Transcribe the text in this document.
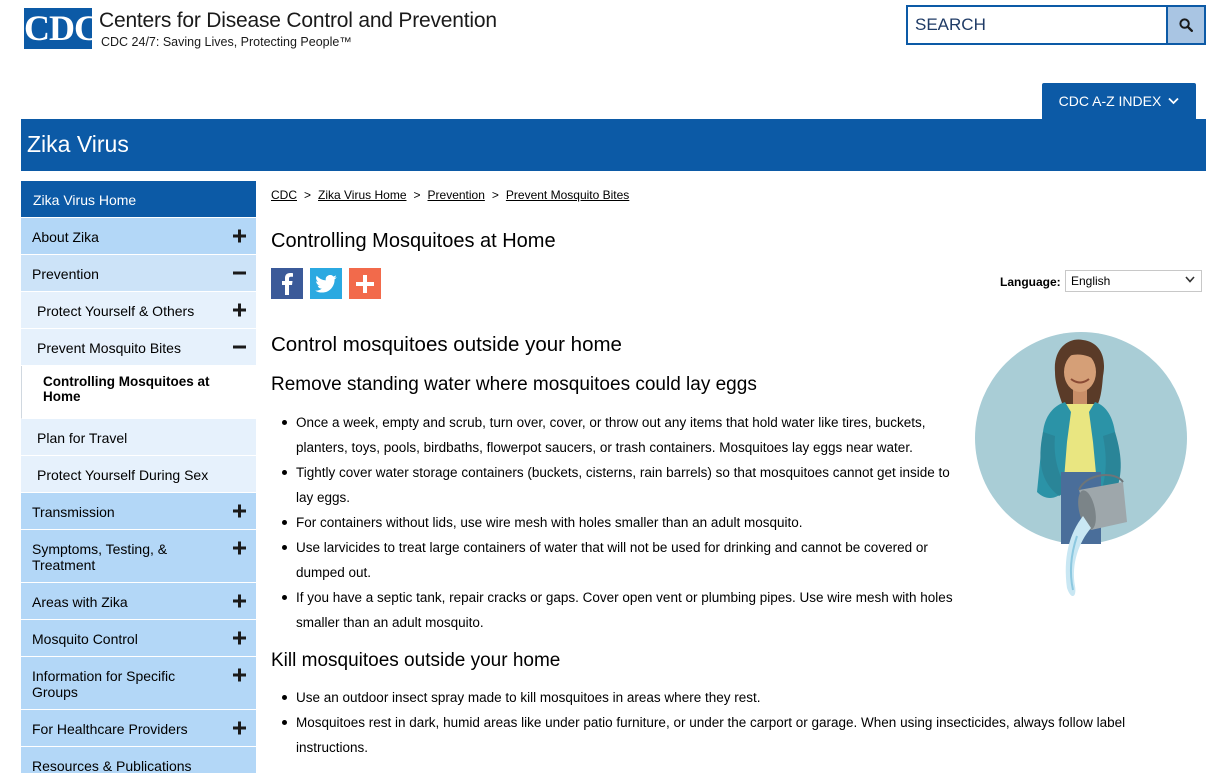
CDC Centers for Disease Control and Prevention
CDC 24/7: Saving Lives, Protecting People™
SEARCH
CDC A-Z INDEX
Zika Virus
Zika Virus Home
About Zika
Prevention
Protect Yourself & Others
Prevent Mosquito Bites
Controlling Mosquitoes at Home
Plan for Travel
Protect Yourself During Sex
Transmission
Symptoms, Testing, & Treatment
Areas with Zika
Mosquito Control
Information for Specific Groups
For Healthcare Providers
Resources & Publications
CDC > Zika Virus Home > Prevention > Prevent Mosquito Bites
Controlling Mosquitoes at Home
Language: English
Control mosquitoes outside your home
Remove standing water where mosquitoes could lay eggs
Once a week, empty and scrub, turn over, cover, or throw out any items that hold water like tires, buckets, planters, toys, pools, birdbaths, flowerpot saucers, or trash containers. Mosquitoes lay eggs near water.
Tightly cover water storage containers (buckets, cisterns, rain barrels) so that mosquitoes cannot get inside to lay eggs.
For containers without lids, use wire mesh with holes smaller than an adult mosquito.
Use larvicides to treat large containers of water that will not be used for drinking and cannot be covered or dumped out.
If you have a septic tank, repair cracks or gaps. Cover open vent or plumbing pipes. Use wire mesh with holes smaller than an adult mosquito.
Kill mosquitoes outside your home
Use an outdoor insect spray made to kill mosquitoes in areas where they rest.
Mosquitoes rest in dark, humid areas like under patio furniture, or under the carport or garage. When using insecticides, always follow label instructions.
